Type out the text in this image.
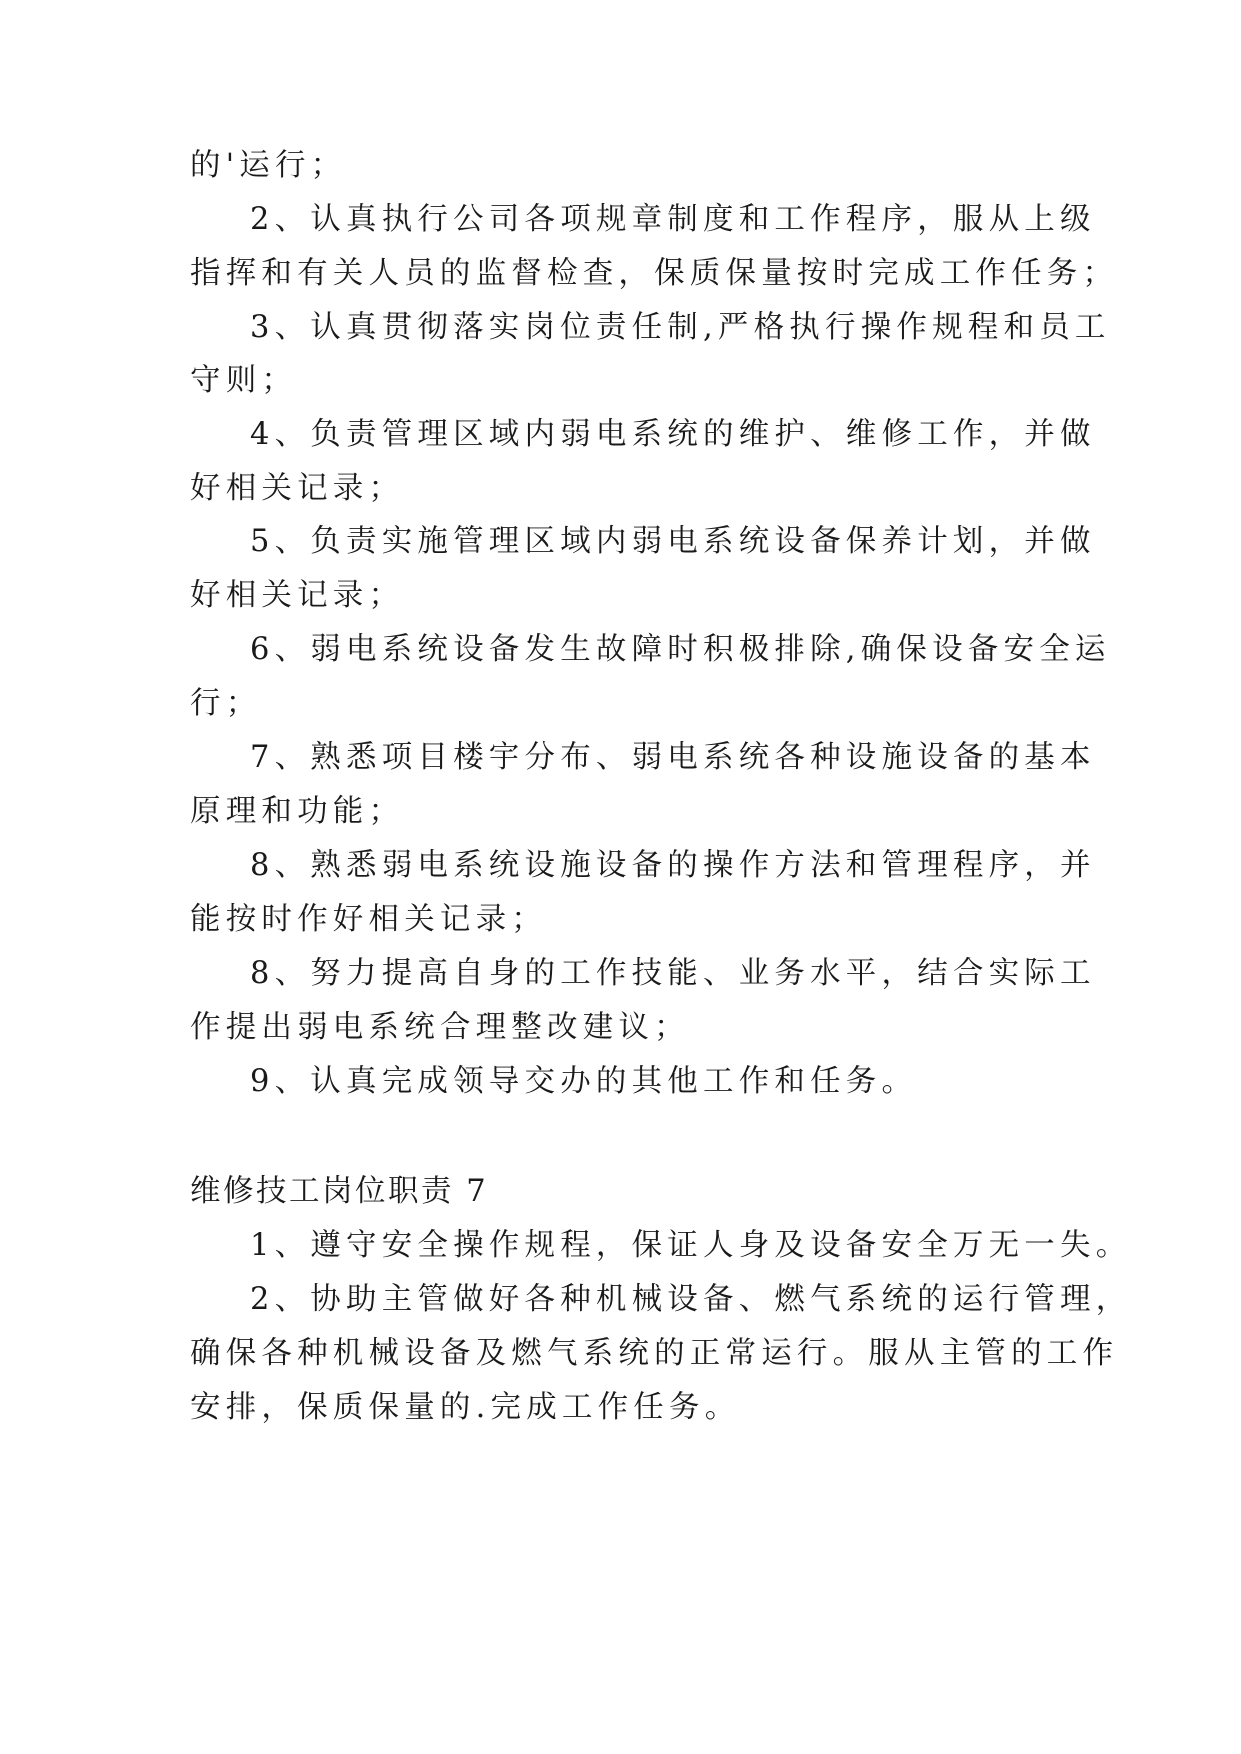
的'运行；
2、认真执行公司各项规章制度和工作程序，服从上级
指挥和有关人员的监督检查，保质保量按时完成工作任务；
3、认真贯彻落实岗位责任制,严格执行操作规程和员工
守则；
4、负责管理区域内弱电系统的维护、维修工作，并做
好相关记录；
5、负责实施管理区域内弱电系统设备保养计划，并做
好相关记录；
6、弱电系统设备发生故障时积极排除,确保设备安全运
行；
7、熟悉项目楼宇分布、弱电系统各种设施设备的基本
原理和功能；
8、熟悉弱电系统设施设备的操作方法和管理程序，并
能按时作好相关记录；
8、努力提高自身的工作技能、业务水平，结合实际工
作提出弱电系统合理整改建议；
9、认真完成领导交办的其他工作和任务。
维修技工岗位职责 7
1、遵守安全操作规程，保证人身及设备安全万无一失。
2、协助主管做好各种机械设备、燃气系统的运行管理，
确保各种机械设备及燃气系统的正常运行。服从主管的工作
安排，保质保量的.完成工作任务。
